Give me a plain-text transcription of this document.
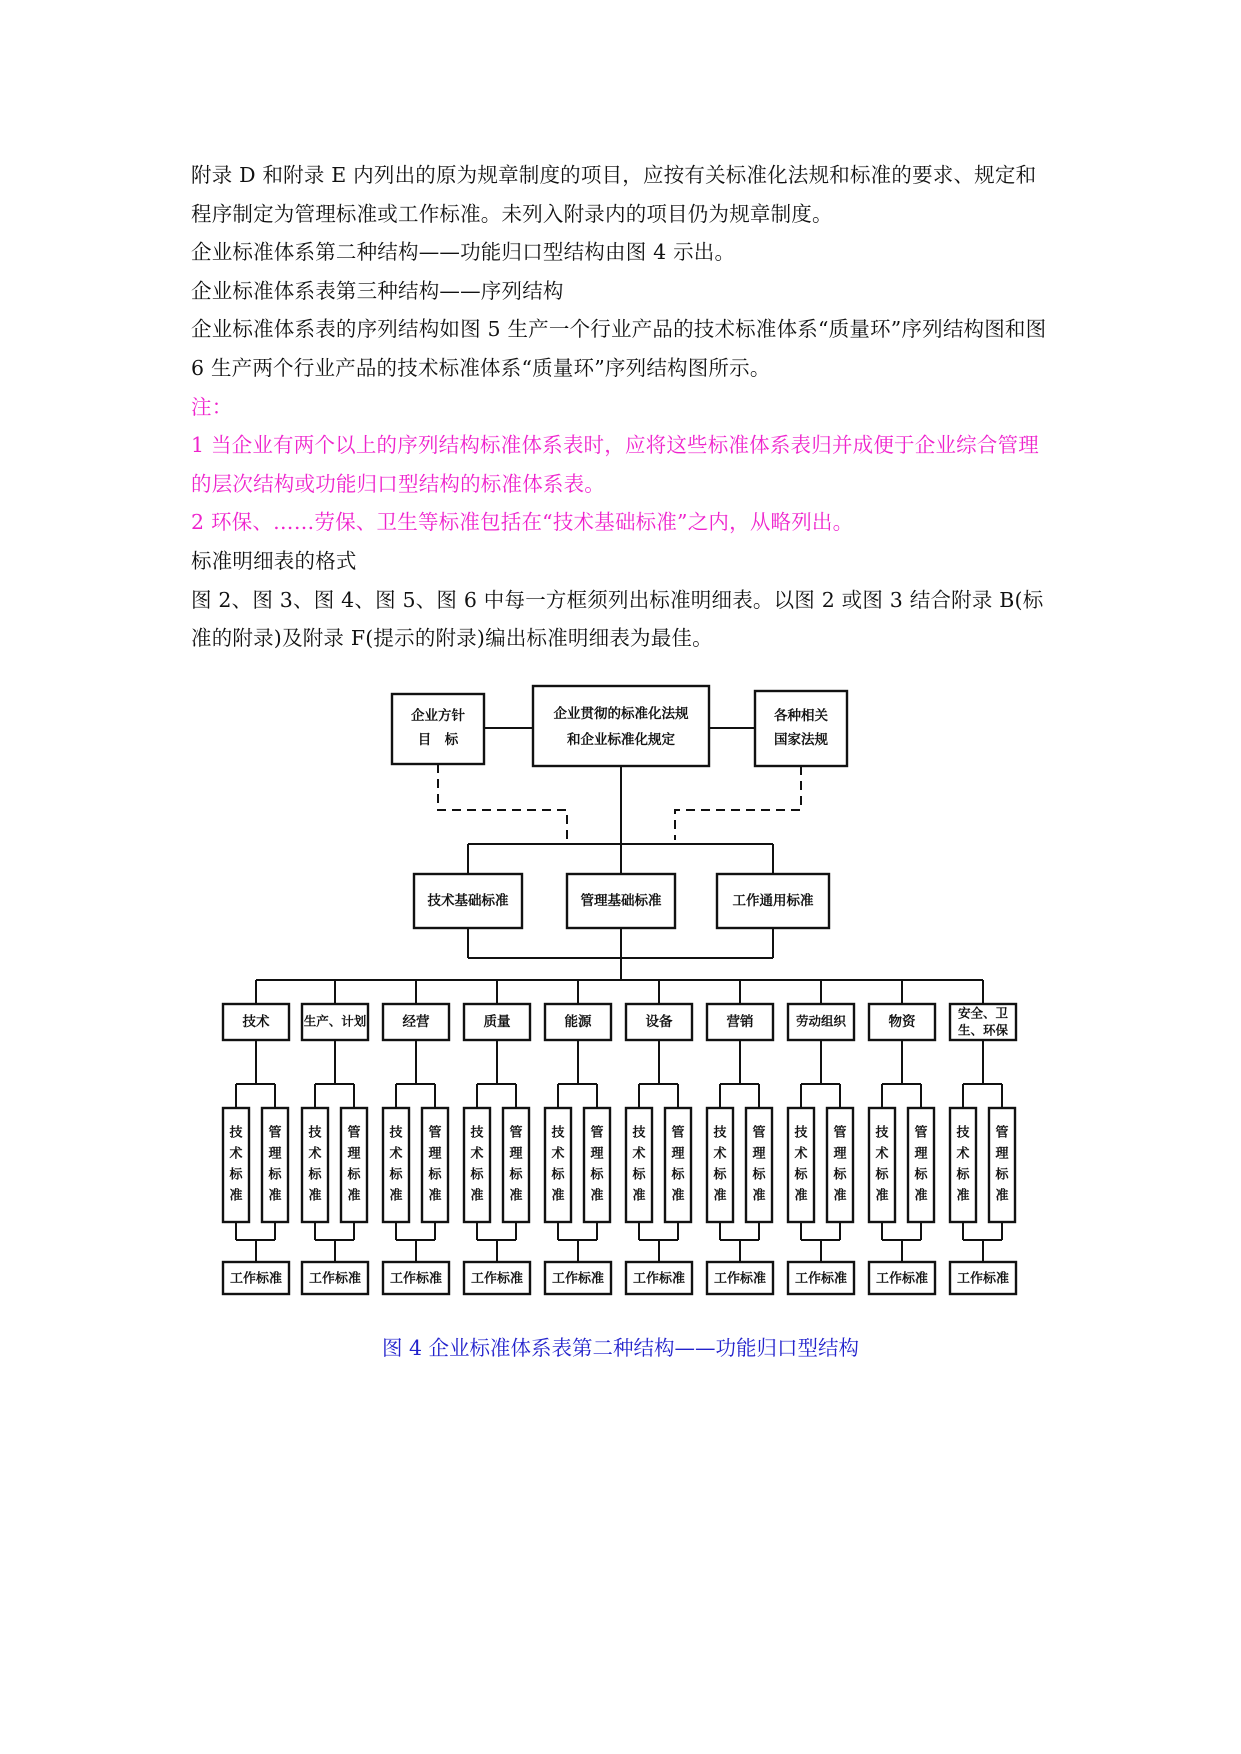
附录 D 和附录 E 内列出的原为规章制度的项目，应按有关标准化法规和标准的要求、规定和程序制定为管理标准或工作标准。未列入附录内的项目仍为规章制度。

企业标准体系第二种结构——功能归口型结构由图 4 示出。

企业标准体系表第三种结构——序列结构

企业标准体系表的序列结构如图 5 生产一个行业产品的技术标准体系“质量环”序列结构图和图 6 生产两个行业产品的技术标准体系“质量环”序列结构图所示。

注：

1 当企业有两个以上的序列结构标准体系表时，应将这些标准体系表归并成便于企业综合管理的层次结构或功能归口型结构的标准体系表。

2 环保、……劳保、卫生等标准包括在“技术基础标准”之内，从略列出。

标准明细表的格式

图 2、图 3、图 4、图 5、图 6 中每一方框须列出标准明细表。以图 2 或图 3 结合附录 B(标准的附录)及附录 F(提示的附录)编出标准明细表为最佳。

企业方针
目　标
企业贯彻的标准化法规
和企业标准化规定
各种相关
国家法规
技术基础标准	管理基础标准	工作通用标准
技术
技 管
术 理
标 标
准 准
工作标准
生产、计划
技 管
术 理
标 标
准 准
工作标准
经营
技 管
术 理
标 标
准 准
工作标准
质量
技 管
术 理
标 标
准 准
工作标准
能源
技 管
术 理
标 标
准 准
工作标准
设备
技 管
术 理
标 标
准 准
工作标准
营销
技 管
术 理
标 标
准 准
工作标准
劳动组织
技 管
术 理
标 标
准 准
工作标准
物资
技 管
术 理
标 标
准 准
工作标准
安全、卫
生、环保
技 管
术 理
标 标
准 准
工作标准

图 4 企业标准体系表第二种结构——功能归口型结构
